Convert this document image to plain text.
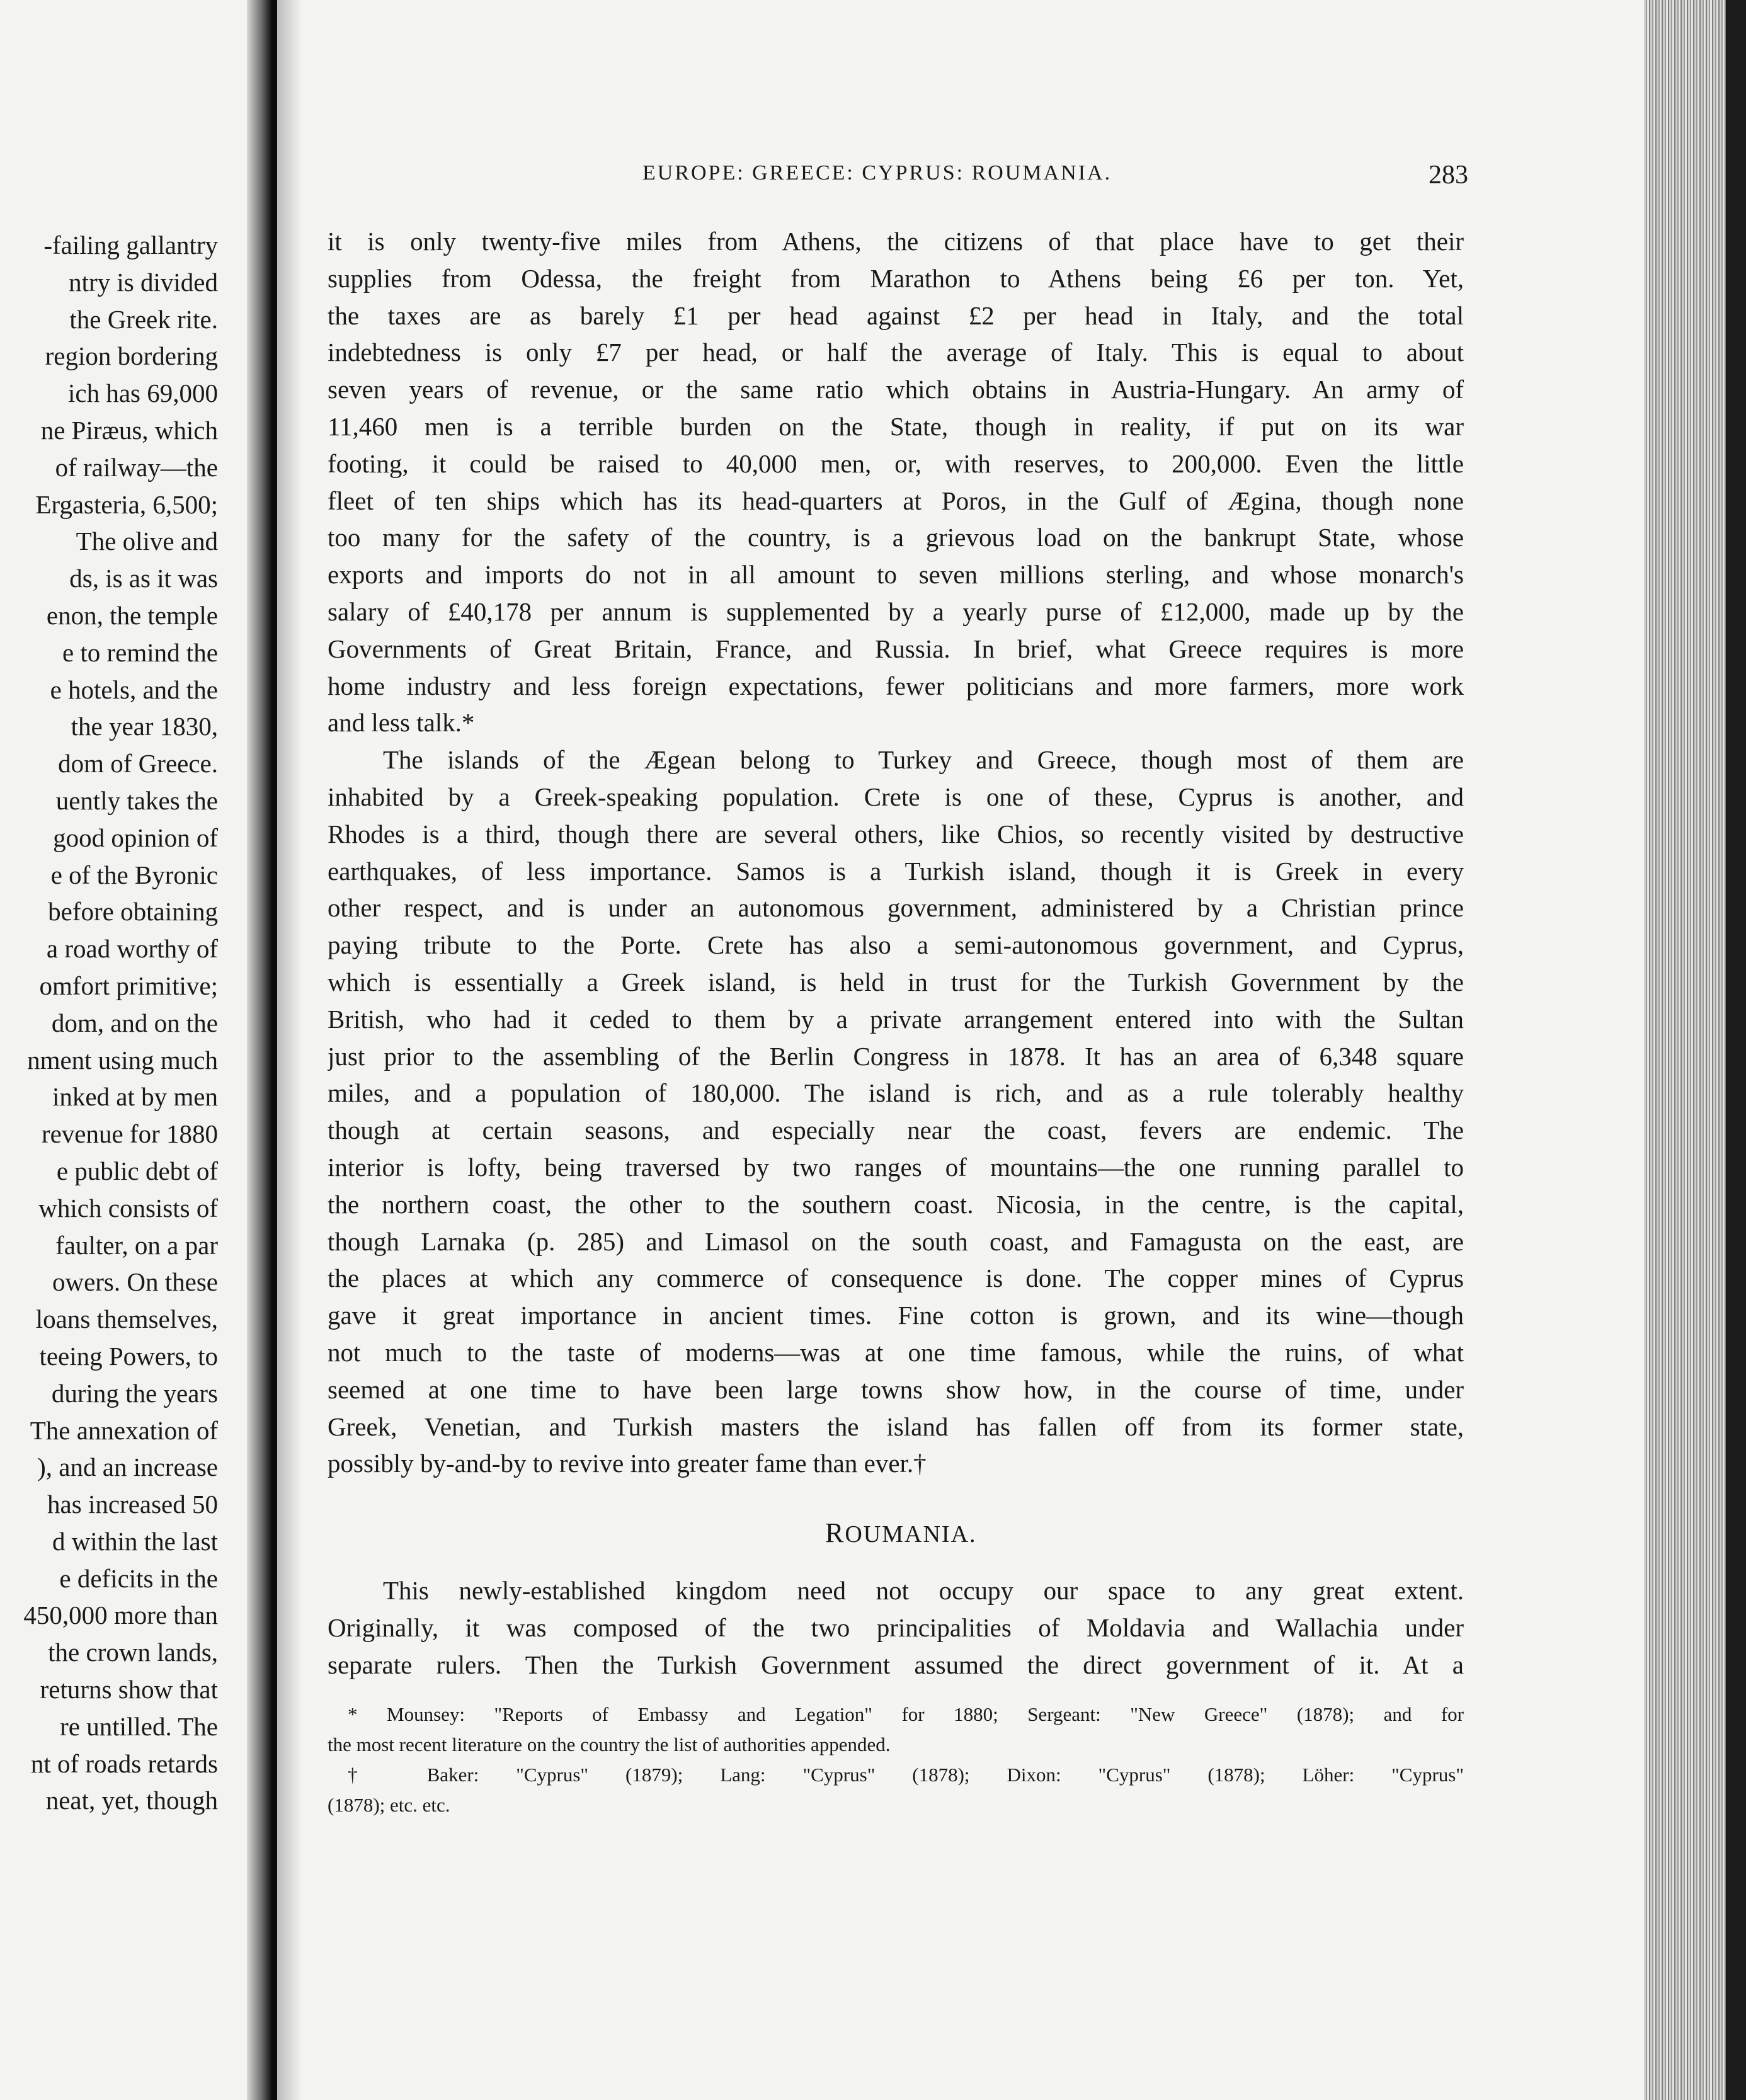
-failing gallantry
ntry is divided
the Greek rite.
region bordering
ich has 69,000
ne Piræus, which
of railway—the
Ergasteria, 6,500;
The olive and
ds, is as it was
enon, the temple
e to remind the
e hotels, and the
the year 1830,
dom of Greece.
uently takes the
good opinion of
e of the Byronic
before obtaining
a road worthy of
omfort primitive;
dom, and on the
nment using much
inked at by men
revenue for 1880
e public debt of
which consists of
faulter, on a par
owers. On these
loans themselves,
teeing Powers, to
during the years
The annexation of
), and an increase
has increased 50
d within the last
e deficits in the
450,000 more than
the crown lands,
returns show that
re untilled. The
nt of roads retards
neat, yet, though
EUROPE: GREECE: CYPRUS: ROUMANIA.	283
it is only twenty-five miles from Athens, the citizens of that place have to get their
supplies from Odessa, the freight from Marathon to Athens being £6 per ton. Yet,
the taxes are as barely £1 per head against £2 per head in Italy, and the total
indebtedness is only £7 per head, or half the average of Italy. This is equal to about
seven years of revenue, or the same ratio which obtains in Austria-Hungary. An army of
11,460 men is a terrible burden on the State, though in reality, if put on its war
footing, it could be raised to 40,000 men, or, with reserves, to 200,000. Even the little
fleet of ten ships which has its head-quarters at Poros, in the Gulf of Ægina, though none
too many for the safety of the country, is a grievous load on the bankrupt State, whose
exports and imports do not in all amount to seven millions sterling, and whose monarch's
salary of £40,178 per annum is supplemented by a yearly purse of £12,000, made up by the
Governments of Great Britain, France, and Russia. In brief, what Greece requires is more
home industry and less foreign expectations, fewer politicians and more farmers, more work
and less talk.*
The islands of the Ægean belong to Turkey and Greece, though most of them are
inhabited by a Greek-speaking population. Crete is one of these, Cyprus is another, and
Rhodes is a third, though there are several others, like Chios, so recently visited by destructive
earthquakes, of less importance. Samos is a Turkish island, though it is Greek in every
other respect, and is under an autonomous government, administered by a Christian prince
paying tribute to the Porte. Crete has also a semi-autonomous government, and Cyprus,
which is essentially a Greek island, is held in trust for the Turkish Government by the
British, who had it ceded to them by a private arrangement entered into with the Sultan
just prior to the assembling of the Berlin Congress in 1878. It has an area of 6,348 square
miles, and a population of 180,000. The island is rich, and as a rule tolerably healthy
though at certain seasons, and especially near the coast, fevers are endemic. The
interior is lofty, being traversed by two ranges of mountains—the one running parallel to
the northern coast, the other to the southern coast. Nicosia, in the centre, is the capital,
though Larnaka (p. 285) and Limasol on the south coast, and Famagusta on the east, are
the places at which any commerce of consequence is done. The copper mines of Cyprus
gave it great importance in ancient times. Fine cotton is grown, and its wine—though
not much to the taste of moderns—was at one time famous, while the ruins, of what
seemed at one time to have been large towns show how, in the course of time, under
Greek, Venetian, and Turkish masters the island has fallen off from its former state,
possibly by-and-by to revive into greater fame than ever.†
ROUMANIA.
This newly-established kingdom need not occupy our space to any great extent.
Originally, it was composed of the two principalities of Moldavia and Wallachia under
separate rulers. Then the Turkish Government assumed the direct government of it. At a
* Mounsey: "Reports of Embassy and Legation" for 1880; Sergeant: "New Greece" (1878); and for
the most recent literature on the country the list of authorities appended.
† Baker: "Cyprus" (1879); Lang: "Cyprus" (1878); Dixon: "Cyprus" (1878); Löher: "Cyprus"
(1878); etc. etc.
